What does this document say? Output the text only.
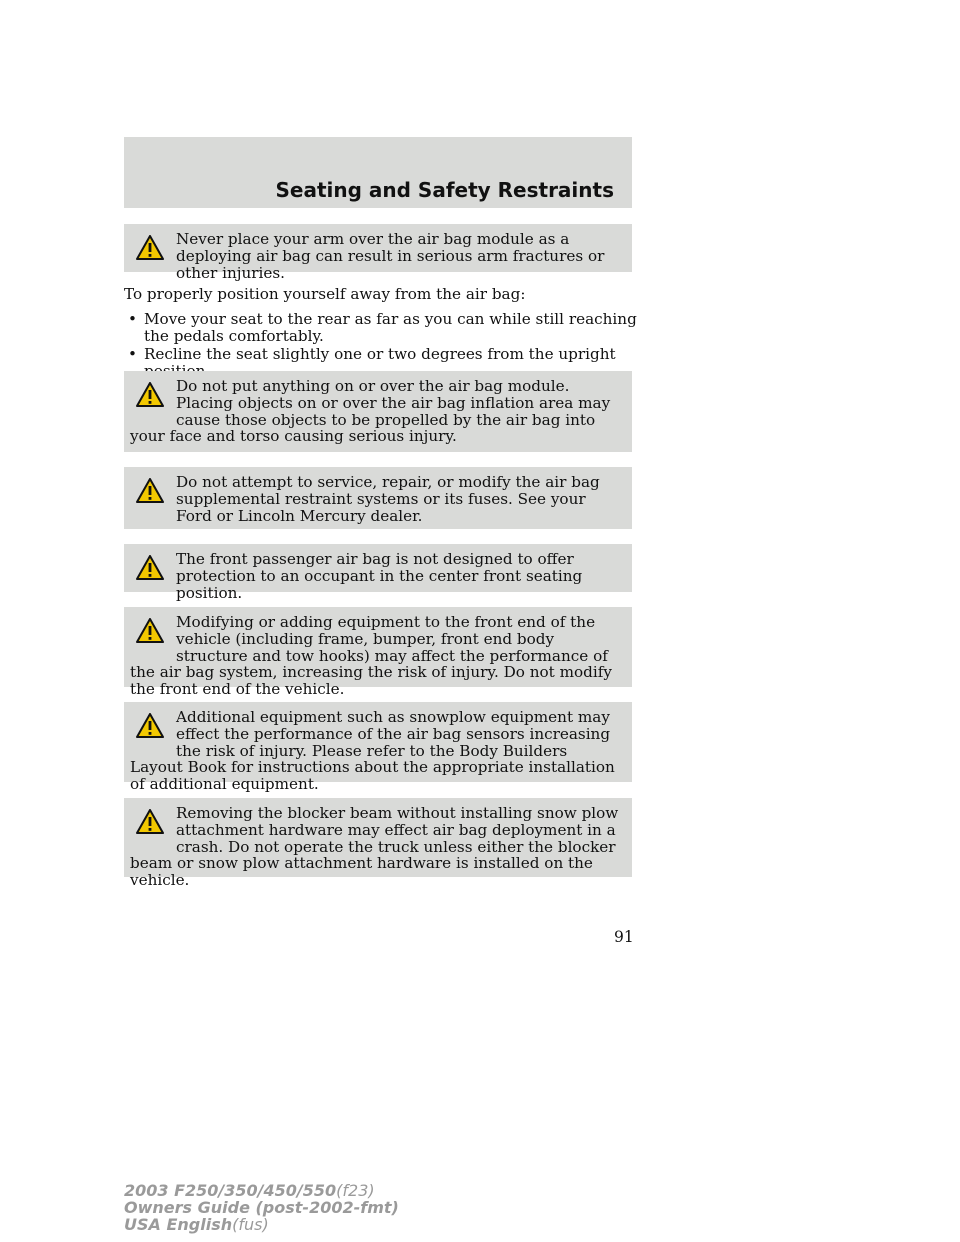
Seating and Safety Restraints
Never place your arm over the air bag module as a deploying air bag can result in serious arm fractures or other injuries.
To properly position yourself away from the air bag:
• Move your seat to the rear as far as you can while still reaching the pedals comfortably.
• Recline the seat slightly one or two degrees from the upright
Do not put anything on or over the air bag module. Placing objects on or over the air bag inflation area may cause those objects to be propelled by the air bag into your face and torso causing serious injury.
Do not attempt to service, repair, or modify the air bag supplemental restraint systems or its fuses. See your Ford or Lincoln Mercury dealer.
The front passenger air bag is not designed to offer protection to an occupant in the center front seating position.
Modifying or adding equipment to the front end of the vehicle (including frame, bumper, front end body structure and tow hooks) may affect the performance of the air bag system, increasing the risk of injury. Do not modify the front end of the vehicle.
Additional equipment such as snowplow equipment may effect the performance of the air bag sensors increasing the risk of injury. Please refer to the Body Builders Layout Book for instructions about the appropriate installation of additional equipment.
Removing the blocker beam without installing snow plow attachment hardware may effect air bag deployment in a crash. Do not operate the truck unless either the blocker beam or snow plow attachment hardware is installed on the vehicle.
91
2003 F250/350/450/550(f23)
Owners Guide (post-2002-fmt)
USA English(fus)
